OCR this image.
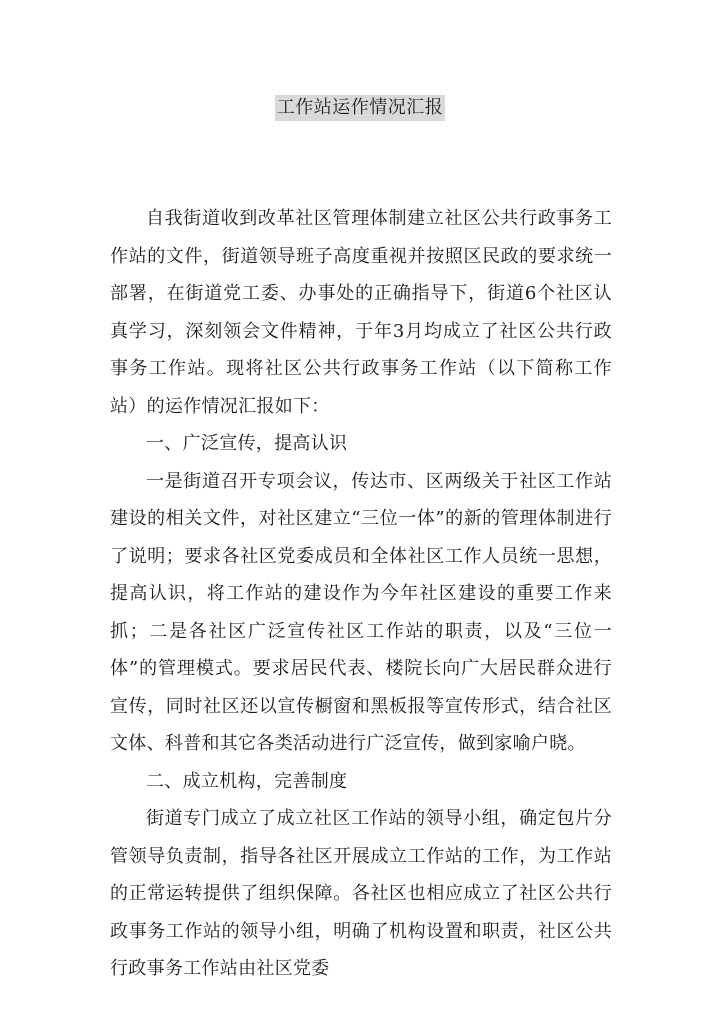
工作站运作情况汇报

自我街道收到改革社区管理体制建立社区公共行政事务工作站的文件，街道领导班子高度重视并按照区民政的要求统一部署，在街道党工委、办事处的正确指导下，街道6个社区认真学习，深刻领会文件精神，于年3月均成立了社区公共行政事务工作站。现将社区公共行政事务工作站（以下简称工作站）的运作情况汇报如下：

一、广泛宣传，提高认识

一是街道召开专项会议，传达市、区两级关于社区工作站建设的相关文件，对社区建立“三位一体”的新的管理体制进行了说明；要求各社区党委成员和全体社区工作人员统一思想，提高认识，将工作站的建设作为今年社区建设的重要工作来抓；二是各社区广泛宣传社区工作站的职责，以及“三位一体”的管理模式。要求居民代表、楼院长向广大居民群众进行宣传，同时社区还以宣传橱窗和黑板报等宣传形式，结合社区文体、科普和其它各类活动进行广泛宣传，做到家喻户晓。

二、成立机构，完善制度

街道专门成立了成立社区工作站的领导小组，确定包片分管领导负责制，指导各社区开展成立工作站的工作，为工作站的正常运转提供了组织保障。各社区也相应成立了社区公共行政事务工作站的领导小组，明确了机构设置和职责，社区公共行政事务工作站由社区党委
